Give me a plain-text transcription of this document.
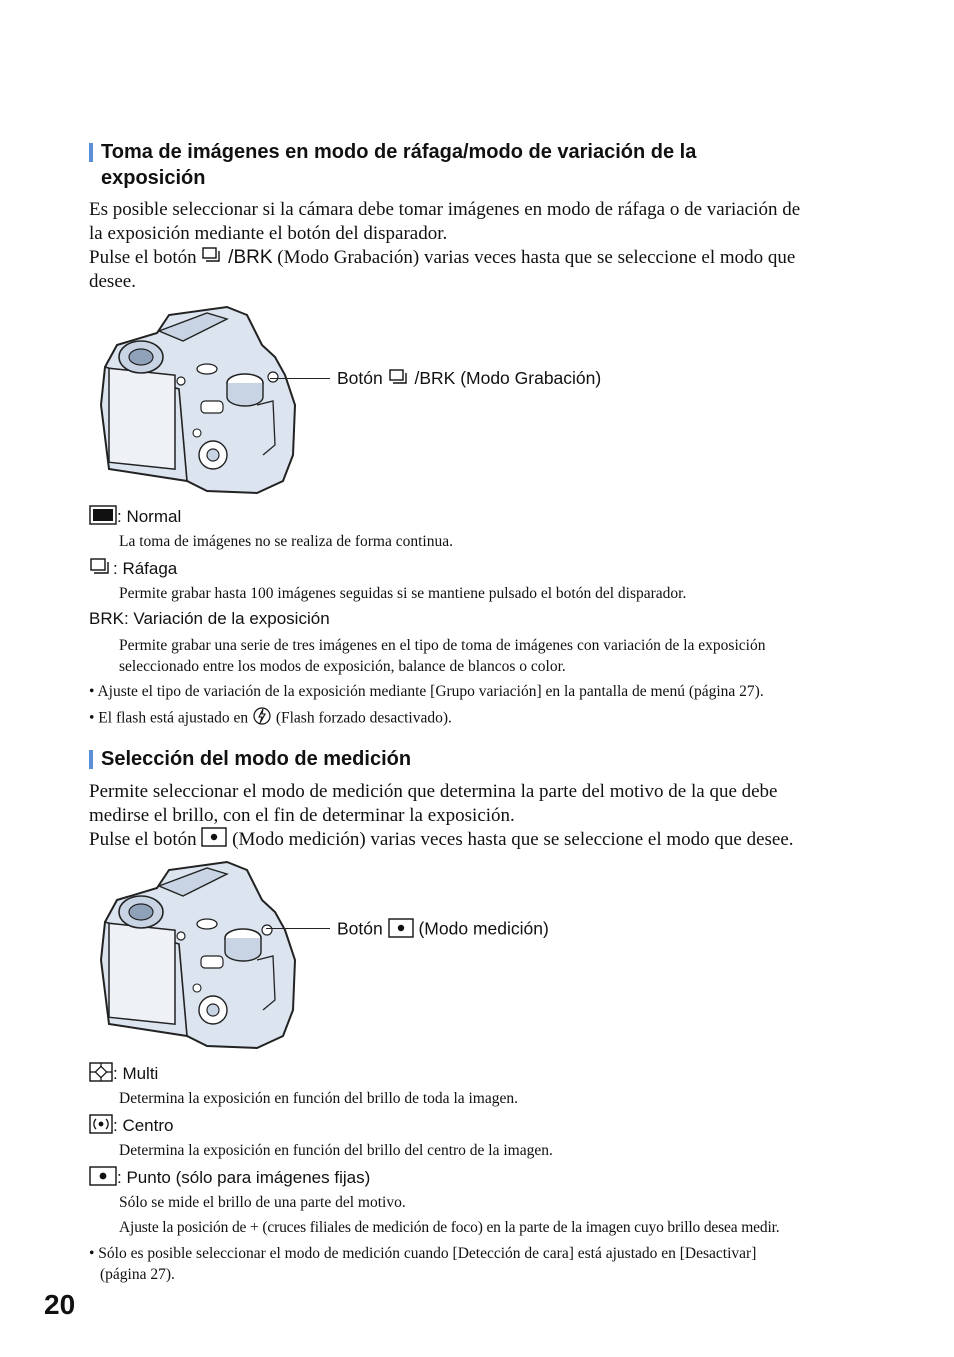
Toma de imágenes en modo de ráfaga/modo de variación de la
exposición
Es posible seleccionar si la cámara debe tomar imágenes en modo de ráfaga o de variación de
la exposición mediante el botón del disparador.
Pulse el botón /BRK (Modo Grabación) varias veces hasta que se seleccione el modo que
desee.
Botón /BRK (Modo Grabación)
: Normal
La toma de imágenes no se realiza de forma continua.
: Ráfaga
Permite grabar hasta 100 imágenes seguidas si se mantiene pulsado el botón del disparador.
BRK: Variación de la exposición
Permite grabar una serie de tres imágenes en el tipo de toma de imágenes con variación de la exposición
seleccionado entre los modos de exposición, balance de blancos o color.
• Ajuste el tipo de variación de la exposición mediante [Grupo variación] en la pantalla de menú (página 27).
• El flash está ajustado en (Flash forzado desactivado).
Selección del modo de medición
Permite seleccionar el modo de medición que determina la parte del motivo de la que debe
medirse el brillo, con el fin de determinar la exposición.
Pulse el botón (Modo medición) varias veces hasta que se seleccione el modo que desee.
Botón (Modo medición)
: Multi
Determina la exposición en función del brillo de toda la imagen.
: Centro
Determina la exposición en función del brillo del centro de la imagen.
: Punto (sólo para imágenes fijas)
Sólo se mide el brillo de una parte del motivo.
Ajuste la posición de + (cruces filiales de medición de foco) en la parte de la imagen cuyo brillo desea medir.
• Sólo es posible seleccionar el modo de medición cuando [Detección de cara] está ajustado en [Desactivar]
(página 27).
20
